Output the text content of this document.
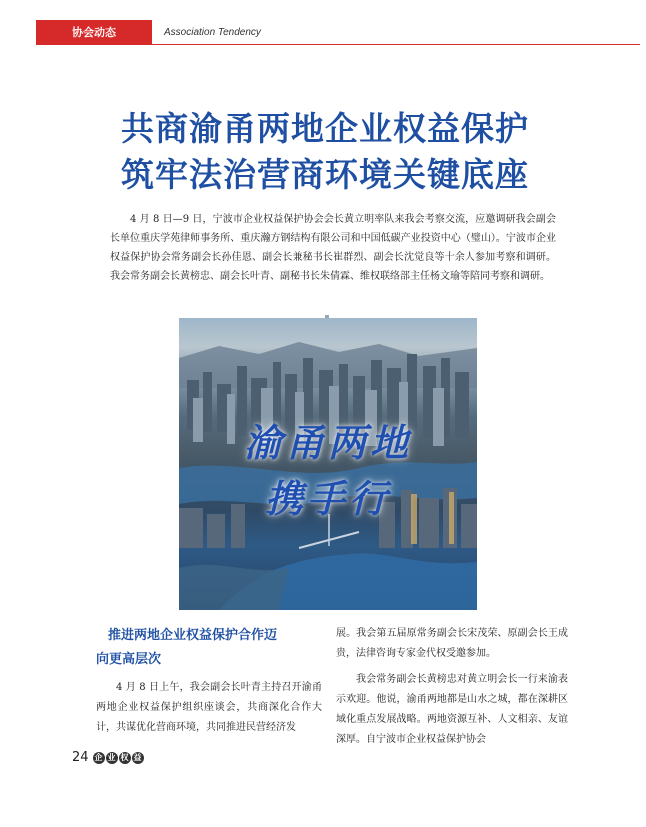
协会动态	Association Tendency
共商渝甬两地企业权益保护
筑牢法治营商环境关键底座
4 月 8 日—9 日，宁波市企业权益保护协会会长黄立明率队来我会考察交流，应邀调研我会副会长单位重庆学苑律师事务所、重庆瀚方钢结构有限公司和中国低碳产业投资中心（璧山）。宁波市企业权益保护协会常务副会长孙佳恩、副会长兼秘书长崔群烈、副会长沈觉良等十余人参加考察和调研。我会常务副会长黄榜忠、副会长叶青、副秘书长朱倩霖、维权联络部主任杨文瑜等陪同考察和调研。
渝甬两地
携手行
推进两地企业权益保护合作迈
向更高层次
4 月 8 日上午，我会副会长叶青主持召开渝甬两地企业权益保护组织座谈会，共商深化合作大计，共谋优化营商环境，共同推进民营经济发

展。我会第五届原常务副会长宋茂荣、原副会长王成贵，法律咨询专家金代权受邀参加。

我会常务副会长黄榜忠对黄立明会长一行来渝表示欢迎。他说，渝甬两地都是山水之城，都在深耕区域化重点发展战略。两地资源互补、人文相亲、友谊深厚。自宁波市企业权益保护协会

24 企 业 权 益
